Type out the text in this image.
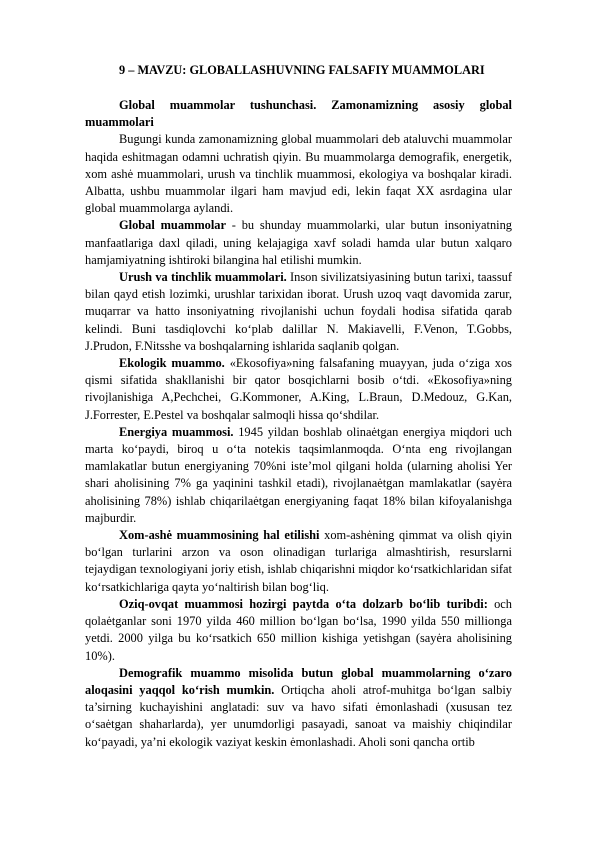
9 – MAVZU: GLOBALLASHUVNING FALSAFIY MUAMMOLARI

Global muammolar tushunchasi. Zamonamizning asosiy global muammolari

Bugungi kunda zamonamizning global muammolari deb ataluvchi muammolar haqida eshitmagan odamni uchratish qiyin. Bu muammolarga demografik, energetik, xom ashė muammolari, urush va tinchlik muammosi, ekologiya va boshqalar kiradi. Albatta, ushbu muammolar ilgari ham mavjud edi, lekin faqat XX asrdagina ular global muammolarga aylandi.

Global muammolar - bu shunday muammolarki, ular butun insoniyatning manfaatlariga daxl qiladi, uning kelajagiga xavf soladi hamda ular butun xalqaro hamjamiyatning ishtiroki bilangina hal etilishi mumkin.

Urush va tinchlik muammolari. Inson sivilizatsiyasining butun tarixi, taassuf bilan qayd etish lozimki, urushlar tarixidan iborat. Urush uzoq vaqt davomida zarur, muqarrar va hatto insoniyatning rivojlanishi uchun foydali hodisa sifatida qarab kelindi. Buni tasdiqlovchi ko‘plab dalillar N. Makiavelli, F.Venon, T.Gobbs, J.Prudon, F.Nitsshe va boshqalarning ishlarida saqlanib qolgan.

Ekologik muammo. «Ekosofiya»ning falsafaning muayyan, juda o‘ziga xos qismi sifatida shakllanishi bir qator bosqichlarni bosib o‘tdi. «Ekosofiya»ning rivojlanishiga A,Pechchei, G.Kommoner, A.King, L.Braun, D.Medouz, G.Kan, J.Forrester, E.Pestel va boshqalar salmoqli hissa qo‘shdilar.

Energiya muammosi. 1945 yildan boshlab olinaėtgan energiya miqdori uch marta ko‘paydi, biroq u o‘ta notekis taqsimlanmoqda. O‘nta eng rivojlangan mamlakatlar butun energiyaning 70%ni iste’mol qilgani holda (ularning aholisi Yer shari aholisining 7% ga yaqinini tashkil etadi), rivojlanaėtgan mamlakatlar (sayėra aholisining 78%) ishlab chiqarilaėtgan energiyaning faqat 18% bilan kifoyalanishga majburdir.

Xom-ashė muammosining hal etilishi xom-ashėning qimmat va olish qiyin bo‘lgan turlarini arzon va oson olinadigan turlariga almashtirish, resurslarni tejaydigan texnologiyani joriy etish, ishlab chiqarishni miqdor ko‘rsatkichlaridan sifat ko‘rsatkichlariga qayta yo‘naltirish bilan bog‘liq.

Oziq-ovqat muammosi hozirgi paytda o‘ta dolzarb bo‘lib turibdi: och qolaėtganlar soni 1970 yilda 460 million bo‘lgan bo‘lsa, 1990 yilda 550 millionga yetdi. 2000 yilga bu ko‘rsatkich 650 million kishiga yetishgan (sayėra aholisining 10%).

Demografik muammo misolida butun global muammolarning o‘zaro aloqasini yaqqol ko‘rish mumkin. Ortiqcha aholi atrof-muhitga bo‘lgan salbiy ta’sirning kuchayishini anglatadi: suv va havo sifati ėmonlashadi (xususan tez o‘saėtgan shaharlarda), yer unumdorligi pasayadi, sanoat va maishiy chiqindilar ko‘payadi, ya’ni ekologik vaziyat keskin ėmonlashadi. Aholi soni qancha ortib
